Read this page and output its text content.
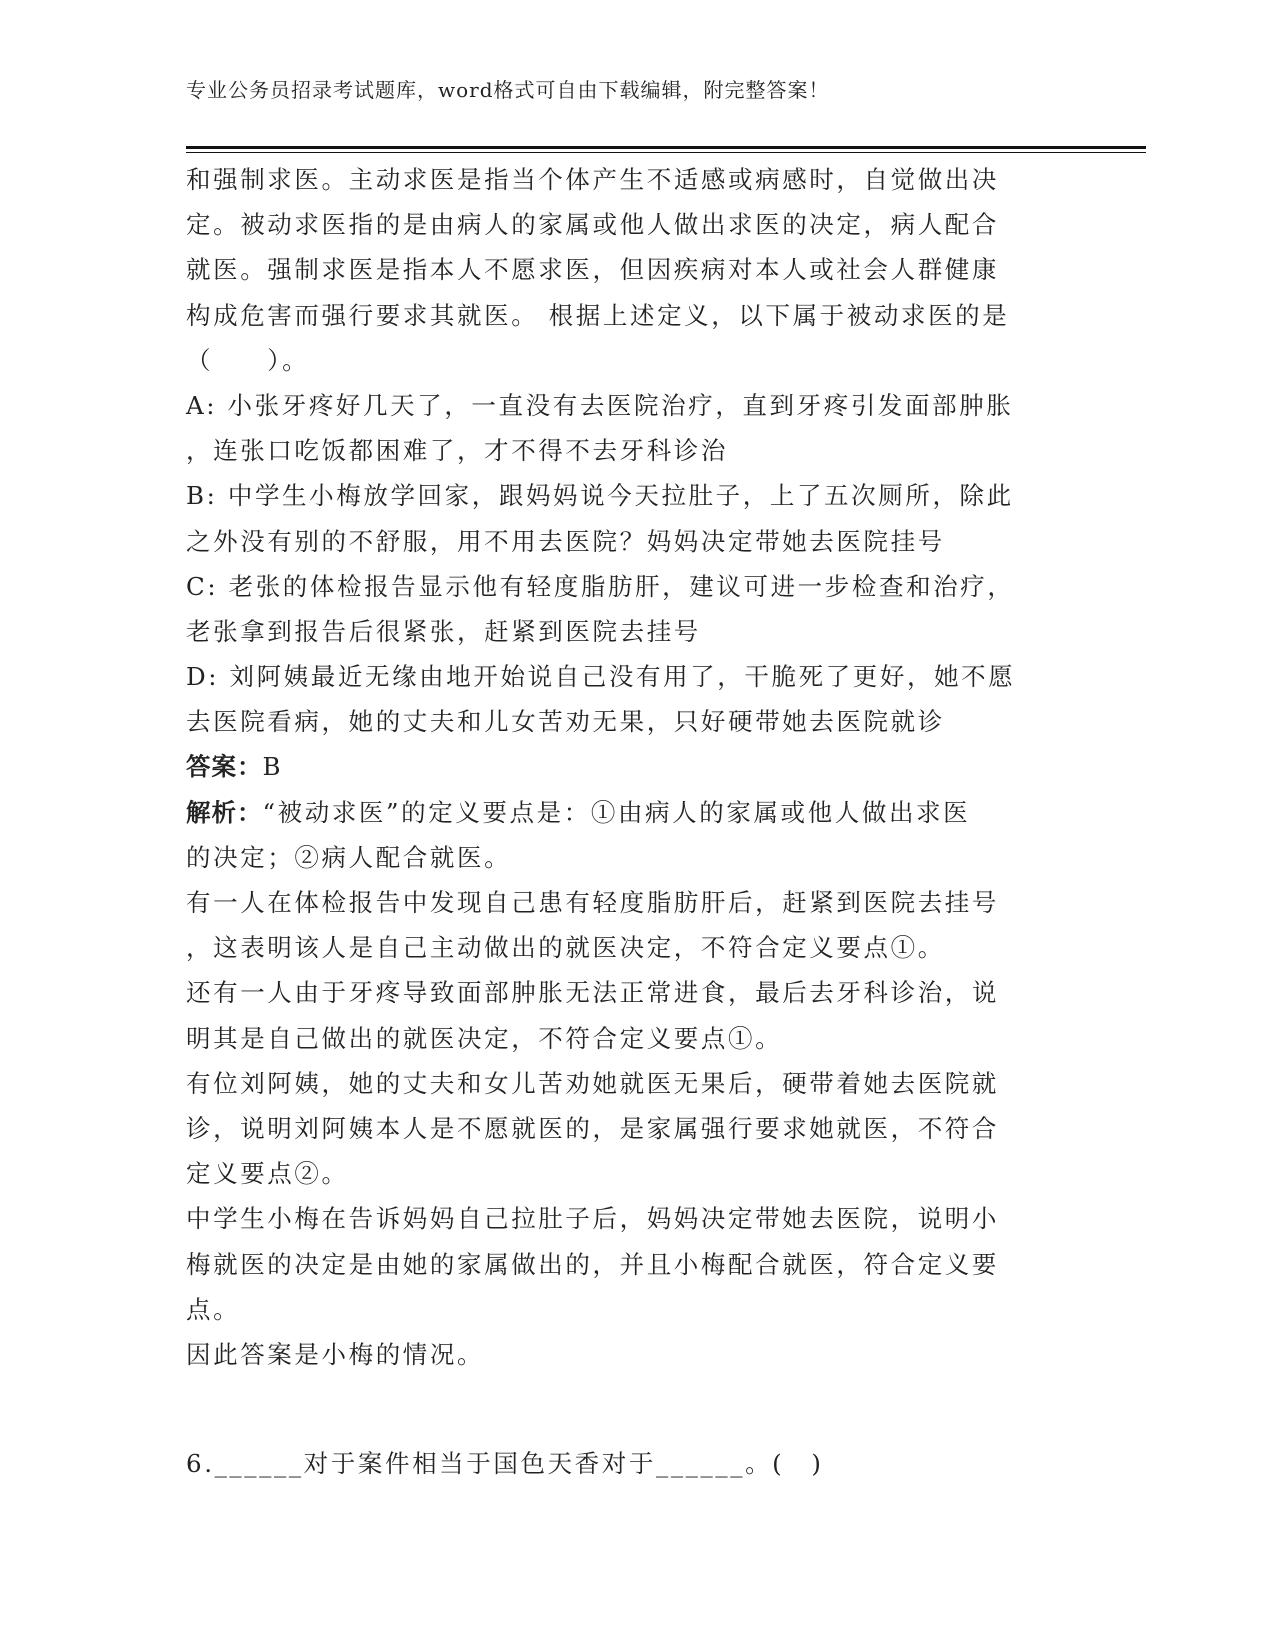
专业公务员招录考试题库，word格式可自由下载编辑，附完整答案！
和强制求医。主动求医是指当个体产生不适感或病感时，自觉做出决
定。被动求医指的是由病人的家属或他人做出求医的决定，病人配合
就医。强制求医是指本人不愿求医，但因疾病对本人或社会人群健康
构成危害而强行要求其就医。 根据上述定义，以下属于被动求医的是
（　　）。
A: 小张牙疼好几天了，一直没有去医院治疗，直到牙疼引发面部肿胀
，连张口吃饭都困难了，才不得不去牙科诊治
B: 中学生小梅放学回家，跟妈妈说今天拉肚子，上了五次厕所，除此
之外没有别的不舒服，用不用去医院？妈妈决定带她去医院挂号
C: 老张的体检报告显示他有轻度脂肪肝，建议可进一步检查和治疗，
老张拿到报告后很紧张，赶紧到医院去挂号
D: 刘阿姨最近无缘由地开始说自己没有用了，干脆死了更好，她不愿
去医院看病，她的丈夫和儿女苦劝无果，只好硬带她去医院就诊
答案：B
解析：“被动求医”的定义要点是：①由病人的家属或他人做出求医
的决定；②病人配合就医。
有一人在体检报告中发现自己患有轻度脂肪肝后，赶紧到医院去挂号
，这表明该人是自己主动做出的就医决定，不符合定义要点①。
还有一人由于牙疼导致面部肿胀无法正常进食，最后去牙科诊治，说
明其是自己做出的就医决定，不符合定义要点①。
有位刘阿姨，她的丈夫和女儿苦劝她就医无果后，硬带着她去医院就
诊，说明刘阿姨本人是不愿就医的，是家属强行要求她就医，不符合
定义要点②。
中学生小梅在告诉妈妈自己拉肚子后，妈妈决定带她去医院，说明小
梅就医的决定是由她的家属做出的，并且小梅配合就医，符合定义要
点。
因此答案是小梅的情况。
6.______对于案件相当于国色天香对于______。(　)
